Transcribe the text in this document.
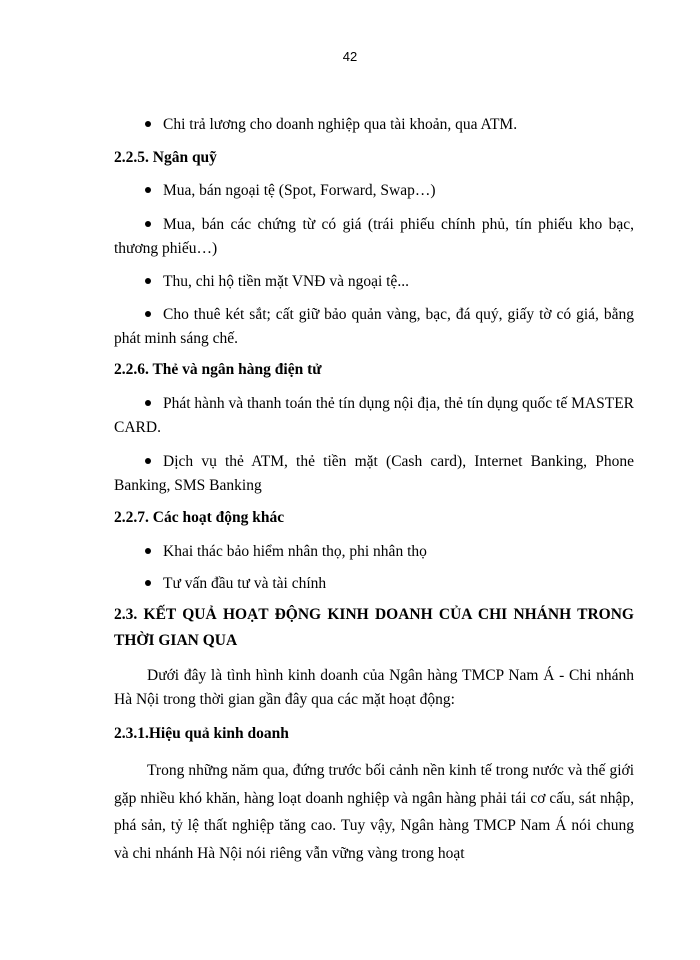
42

Chi trả lương cho doanh nghiệp qua tài khoản, qua ATM.

2.2.5. Ngân quỹ

Mua, bán ngoại tệ (Spot, Forward, Swap…)

Mua, bán các chứng từ có giá (trái phiếu chính phủ, tín phiếu kho bạc, thương phiếu…)

Thu, chi hộ tiền mặt VNĐ và ngoại tệ...

Cho thuê két sắt; cất giữ bảo quản vàng, bạc, đá quý, giấy tờ có giá, bằng phát minh sáng chế.

2.2.6. Thẻ và ngân hàng điện tử

Phát hành và thanh toán thẻ tín dụng nội địa, thẻ tín dụng quốc tế MASTER CARD.

Dịch vụ thẻ ATM, thẻ tiền mặt (Cash card), Internet Banking, Phone Banking, SMS Banking

2.2.7. Các hoạt động khác

Khai thác bảo hiểm nhân thọ, phi nhân thọ

Tư vấn đầu tư và tài chính

2.3. KẾT QUẢ HOẠT ĐỘNG KINH DOANH CỦA CHI NHÁNH TRONG THỜI GIAN QUA

Dưới đây là tình hình kinh doanh của Ngân hàng TMCP Nam Á - Chi nhánh Hà Nội trong thời gian gần đây qua các mặt hoạt động:

2.3.1.Hiệu quả kinh doanh

Trong những năm qua, đứng trước bối cảnh nền kinh tế trong nước và thế giới gặp nhiều khó khăn, hàng loạt doanh nghiệp và ngân hàng phải tái cơ cấu, sát nhập, phá sản, tỷ lệ thất nghiệp tăng cao. Tuy vậy, Ngân hàng TMCP Nam Á nói chung và chi nhánh Hà Nội nói riêng vẫn vững vàng trong hoạt
